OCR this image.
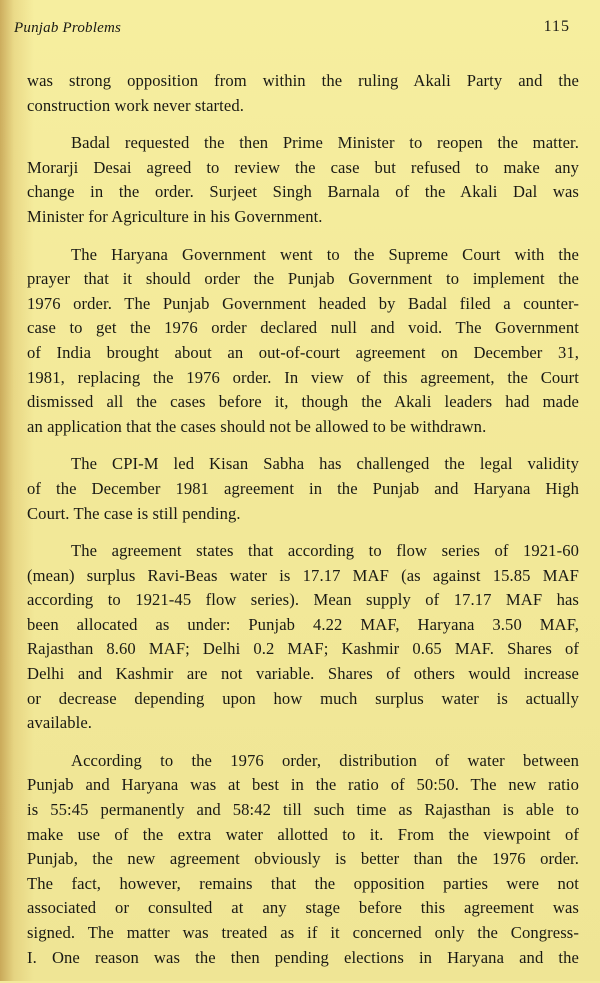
Punjab Problems	115
was strong opposition from within the ruling Akali Party and the
construction work never started.
Badal requested the then Prime Minister to reopen the matter.
Morarji Desai agreed to review the case but refused to make any
change in the order. Surjeet Singh Barnala of the Akali Dal was
Minister for Agriculture in his Government.
The Haryana Government went to the Supreme Court with the
prayer that it should order the Punjab Government to implement the
1976 order. The Punjab Government headed by Badal filed a counter-
case to get the 1976 order declared null and void. The Government
of India brought about an out-of-court agreement on December 31,
1981, replacing the 1976 order. In view of this agreement, the Court
dismissed all the cases before it, though the Akali leaders had made
an application that the cases should not be allowed to be withdrawn.
The CPI-M led Kisan Sabha has challenged the legal validity
of the December 1981 agreement in the Punjab and Haryana High
Court. The case is still pending.
The agreement states that according to flow series of 1921-60
(mean) surplus Ravi-Beas water is 17.17 MAF (as against 15.85 MAF
according to 1921-45 flow series). Mean supply of 17.17 MAF has
been allocated as under: Punjab 4.22 MAF, Haryana 3.50 MAF,
Rajasthan 8.60 MAF; Delhi 0.2 MAF; Kashmir 0.65 MAF. Shares of
Delhi and Kashmir are not variable. Shares of others would increase
or decrease depending upon how much surplus water is actually
available.
According to the 1976 order, distribution of water between
Punjab and Haryana was at best in the ratio of 50:50. The new ratio
is 55:45 permanently and 58:42 till such time as Rajasthan is able to
make use of the extra water allotted to it. From the viewpoint of
Punjab, the new agreement obviously is better than the 1976 order.
The fact, however, remains that the opposition parties were not
associated or consulted at any stage before this agreement was
signed. The matter was treated as if it concerned only the Congress-
I. One reason was the then pending elections in Haryana and the
